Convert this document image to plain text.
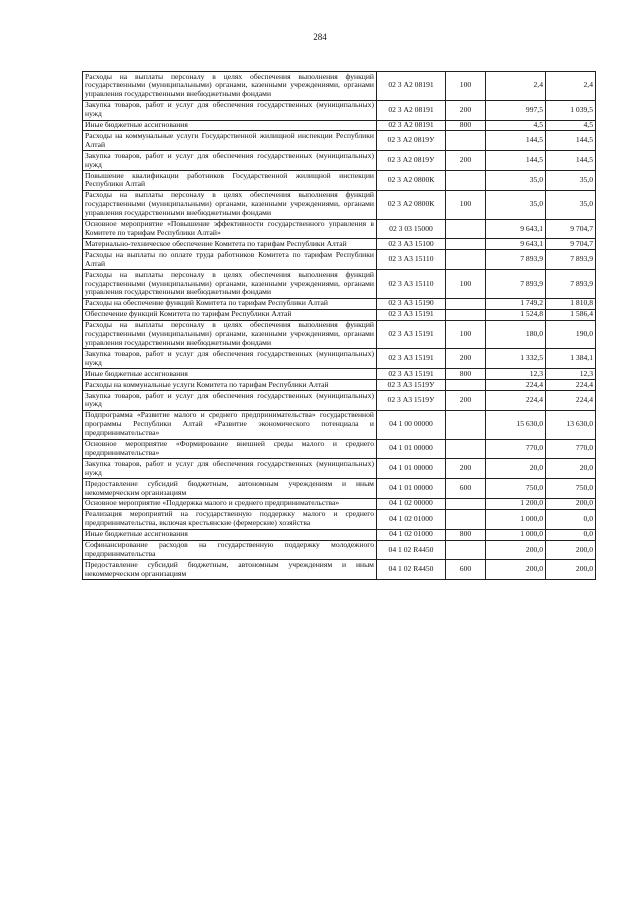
284
Расходы на выплаты персоналу в целях обеспечения выполнения функций государственными (муниципальными) органами, казенными учреждениями, органами управления государственными внебюджетными фондами	02 3 А2 08191	100	2,4	2,4
Закупка товаров, работ и услуг для обеспечения государственных (муниципальных) нужд	02 3 А2 08191	200	997,5	1 039,5
Иные бюджетные ассигнования	02 3 А2 08191	800	4,5	4,5
Расходы на коммунальные услуги Государственной жилищной инспекции Республики Алтай	02 3 А2 0819У		144,5	144,5
Закупка товаров, работ и услуг для обеспечения государственных (муниципальных) нужд	02 3 А2 0819У	200	144,5	144,5
Повышение квалификации работников Государственной жилищной инспекции Республики Алтай	02 3 А2 0800К		35,0	35,0
Расходы на выплаты персоналу в целях обеспечения выполнения функций государственными (муниципальными) органами, казенными учреждениями, органами управления государственными внебюджетными фондами	02 3 А2 0800К	100	35,0	35,0
Основное мероприятие «Повышение эффективности государственного управления в Комитете по тарифам Республики Алтай»	02 3 03 15000		9 643,1	9 704,7
Материально-техническое обеспечение Комитета по тарифам Республики Алтай	02 3 А3 15100		9 643,1	9 704,7
Расходы на выплаты по оплате труда работников Комитета по тарифам Республики Алтай	02 3 А3 15110		7 893,9	7 893,9
Расходы на выплаты персоналу в целях обеспечения выполнения функций государственными (муниципальными) органами, казенными учреждениями, органами управления государственными внебюджетными фондами	02 3 А3 15110	100	7 893,9	7 893,9
Расходы на обеспечение функций Комитета по тарифам Республики Алтай	02 3 А3 15190		1 749,2	1 810,8
Обеспечение функций Комитета по тарифам Республики Алтай	02 3 А3 15191		1 524,8	1 586,4
Расходы на выплаты персоналу в целях обеспечения выполнения функций государственными (муниципальными) органами, казенными учреждениями, органами управления государственными внебюджетными фондами	02 3 А3 15191	100	180,0	190,0
Закупка товаров, работ и услуг для обеспечения государственных (муниципальных) нужд	02 3 А3 15191	200	1 332,5	1 384,1
Иные бюджетные ассигнования	02 3 А3 15191	800	12,3	12,3
Расходы на коммунальные услуги Комитета по тарифам Республики Алтай	02 3 А3 1519У		224,4	224,4
Закупка товаров, работ и услуг для обеспечения государственных (муниципальных) нужд	02 3 А3 1519У	200	224,4	224,4
Подпрограмма «Развитие малого и среднего предпринимательства» государственной программы Республики Алтай «Развитие экономического потенциала и предпринимательства»	04 1 00 00000		15 630,0	13 630,0
Основное мероприятие «Формирование внешней среды малого и среднего предпринимательства»	04 1 01 00000		770,0	770,0
Закупка товаров, работ и услуг для обеспечения государственных (муниципальных) нужд	04 1 01 00000	200	20,0	20,0
Предоставление субсидий бюджетным, автономным учреждениям и иным некоммерческим организациям	04 1 01 00000	600	750,0	750,0
Основное мероприятие «Поддержка малого и среднего предпринимательства»	04 1 02 00000		1 200,0	200,0
Реализация мероприятий на государственную поддержку малого и среднего предпринимательства, включая крестьянские (фермерские) хозяйства	04 1 02 01000		1 000,0	0,0
Иные бюджетные ассигнования	04 1 02 01000	800	1 000,0	0,0
Софинансирование расходов на государственную поддержку молодежного предпринимательства	04 1 02 R4450		200,0	200,0
Предоставление субсидий бюджетным, автономным учреждениям и иным некоммерческим организациям	04 1 02 R4450	600	200,0	200,0
